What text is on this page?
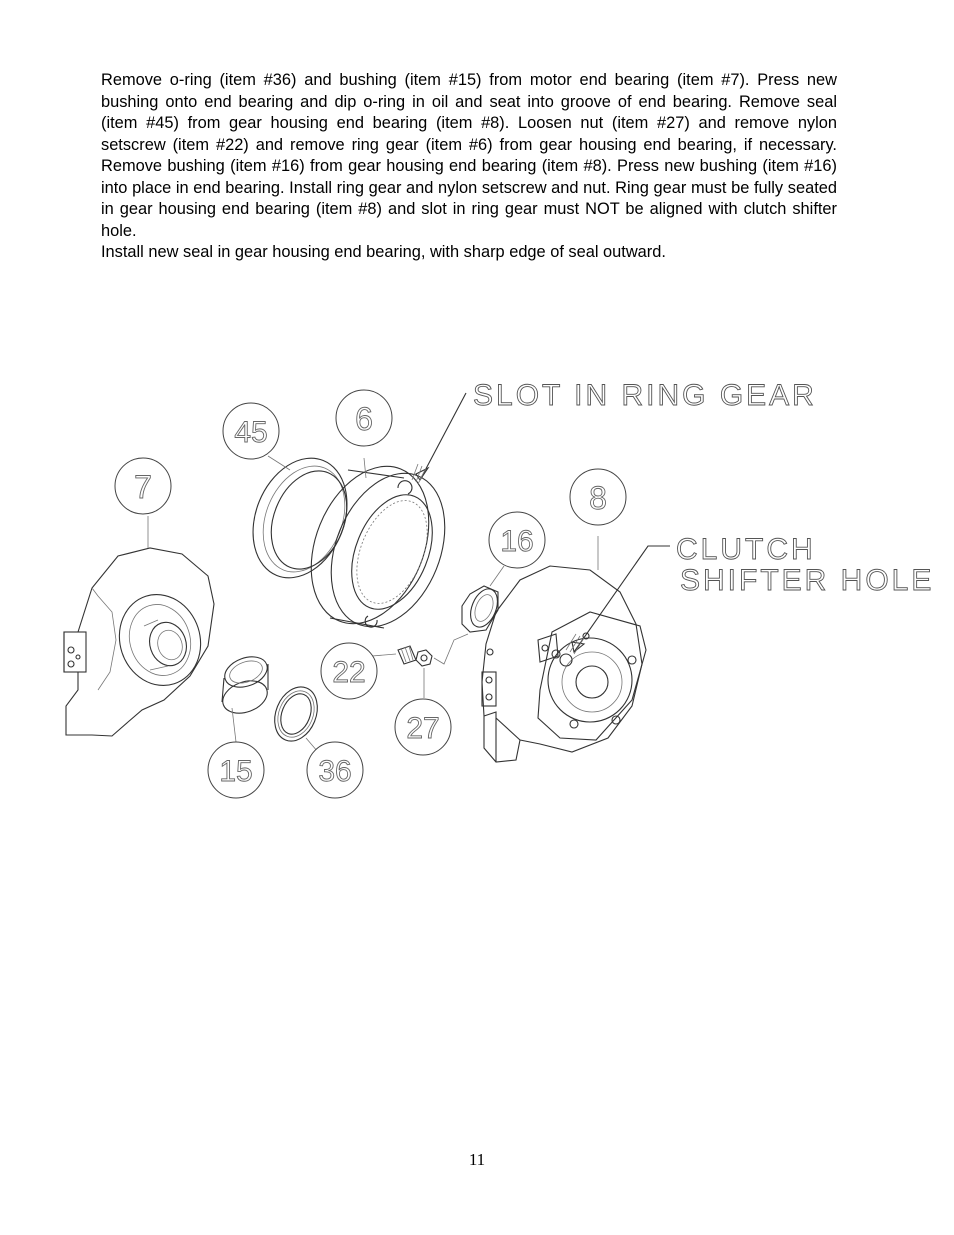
Remove o-ring (item #36) and bushing (item #15) from motor end bearing (item #7). Press new bushing onto end bearing and dip o-ring in oil and seat into groove of end bearing. Remove seal (item #45) from gear housing end bearing (item #8). Loosen nut (item #27) and remove nylon setscrew (item #22) and remove ring gear (item #6) from gear housing end bearing, if necessary. Remove bushing (item #16) from gear housing end bearing (item #8). Press new bushing (item #16) into place in end bearing. Install ring gear and nylon setscrew and nut. Ring gear must be fully seated in gear housing end bearing (item #8) and slot in ring gear must NOT be aligned with clutch shifter hole.
Install new seal in gear housing end bearing, with sharp edge of seal outward.

SLOT IN RING GEAR
CLUTCH
SHIFTER HOLE
7
45	6
8
16
22
27
15 36
11
